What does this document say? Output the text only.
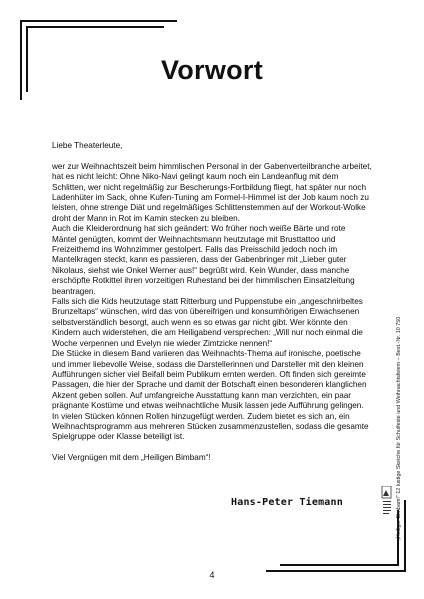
Vorwort

Liebe Theaterleute,

wer zur Weihnachtszeit beim himmlischen Personal in der Gabenverteilbranche arbeitet, hat es nicht leicht: Ohne Niko-Navi gelingt kaum noch ein Landeanflug mit dem Schlitten, wer nicht regelmäßig zur Bescherungs-Fortbildung fliegt, hat später nur noch Ladenhüter im Sack, ohne Kufen-Tuning am Formel-I-Himmel ist der Job kaum noch zu leisten, ohne strenge Diät und regelmäßiges Schlittenstemmen auf der Workout-Wolke droht der Mann in Rot im Kamin stecken zu bleiben.

Auch die Kleiderordnung hat sich geändert: Wo früher noch weiße Bärte und rote Mäntel genügten, kommt der Weihnachtsmann heutzutage mit Brusttattoo und Freizeithemd ins Wohnzimmer gestolpert. Falls das Preisschild jedoch noch im Mantelkragen steckt, kann es passieren, dass der Gabenbringer mit „Lieber guter Nikolaus, siehst wie Onkel Werner aus!“ begrüßt wird. Kein Wunder, dass manche erschöpfte Rotkittel ihren vorzeitigen Ruhestand bei der himmlischen Einsatzleitung beantragen.

Falls sich die Kids heutzutage statt Ritterburg und Puppenstube ein „angeschnirbeltes Brunzeltaps“ wünschen, wird das von übereifrigen und konsumhörigen Erwachsenen selbstverständlich besorgt, auch wenn es so etwas gar nicht gibt. Wer könnte den Kindern auch widerstehen, die am Heiligabend versprechen: „Will nur noch einmal die Woche verpennen und Evelyn nie wieder Zimtzicke nennen!“

Die Stücke in diesem Band variieren das Weihnachts-Thema auf ironische, poetische und immer liebevolle Weise, sodass die Darstellerinnen und Darsteller mit den kleinen Aufführungen sicher viel Beifall beim Publikum ernten werden. Oft finden sich gereimte Passagen, die hier der Sprache und damit der Botschaft einen besonderen klanglichen Akzent geben sollen. Auf umfangreiche Ausstattung kann man verzichten, ein paar prägnante Kostüme und etwas weihnachtliche Musik lassen jede Aufführung gelingen.

In vielen Stücken können Rollen hinzugefügt werden. Zudem bietet es sich an, ein Weihnachtsprogramm aus mehreren Stücken zusammenzustellen, sodass die gesamte Spielgruppe oder Klasse beteiligt ist.

Viel Vergnügen mit dem „Heiligen Bimbam“!

Hans-Peter Tiemann	„Heiliger Bimbam!" 12 lustige Sketche für Schulfeste und Weihnachtsfeiern – Best.-Nr. 10 750
4
